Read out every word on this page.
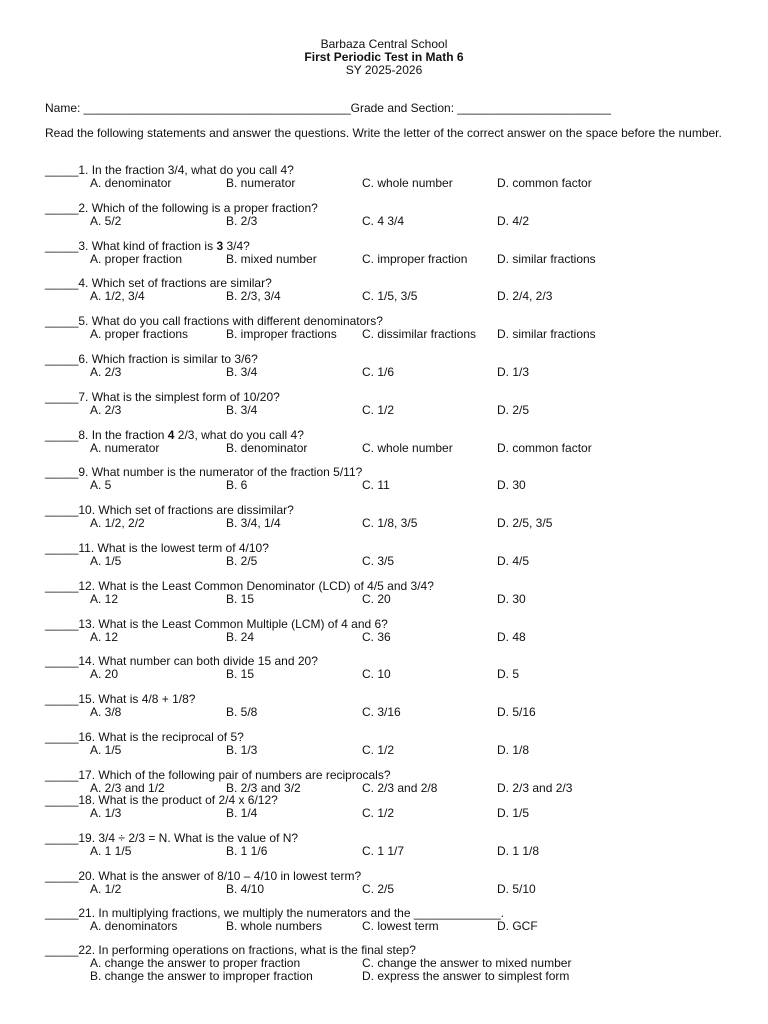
Barbaza Central School
First Periodic Test in Math 6
SY 2025-2026
Name: ________________________________________Grade and Section: _______________________
Read the following statements and answer the questions. Write the letter of the correct answer on the space before the number.
_____1. In the fraction 3/4, what do you call 4?
A. denominator	B. numerator	C. whole number	D. common factor
_____2. Which of the following is a proper fraction?
A. 5/2	B. 2/3	C. 4 3/4	D. 4/2
_____3. What kind of fraction is 3 3/4?
A. proper fraction	B. mixed number	C. improper fraction D. similar fractions
_____4. Which set of fractions are similar?
A. 1/2, 3/4	B. 2/3, 3/4	C. 1/5, 3/5	D. 2/4, 2/3
_____5. What do you call fractions with different denominators?
A. proper fractions	B. improper fractions C. dissimilar fractions D. similar fractions
_____6. Which fraction is similar to 3/6?
A. 2/3	B. 3/4	C. 1/6	D. 1/3
_____7. What is the simplest form of 10/20?
A. 2/3	B. 3/4	C. 1/2	D. 2/5
_____8. In the fraction 4 2/3, what do you call 4?
A. numerator	B. denominator	C. whole number	D. common factor
_____9. What number is the numerator of the fraction 5/11?
A. 5	B. 6	C. 11	D. 30
_____10. Which set of fractions are dissimilar?
A. 1/2, 2/2	B. 3/4, 1/4	C. 1/8, 3/5	D. 2/5, 3/5
_____11. What is the lowest term of 4/10?
A. 1/5	B. 2/5	C. 3/5	D. 4/5
_____12. What is the Least Common Denominator (LCD) of 4/5 and 3/4?
A. 12	B. 15	C. 20	D. 30
_____13. What is the Least Common Multiple (LCM) of 4 and 6?
A. 12	B. 24	C. 36	D. 48
_____14. What number can both divide 15 and 20?
A. 20	B. 15	C. 10	D. 5
_____15. What is 4/8 + 1/8?
A. 3/8	B. 5/8	C. 3/16	D. 5/16
_____16. What is the reciprocal of 5?
A. 1/5	B. 1/3	C. 1/2	D. 1/8
_____17. Which of the following pair of numbers are reciprocals?
A. 2/3 and 1/2	B. 2/3 and 3/2	C. 2/3 and 2/8	D. 2/3 and 2/3
_____18. What is the product of 2/4 x 6/12?
A. 1/3	B. 1/4	C. 1/2	D. 1/5
_____19. 3/4 ÷ 2/3 = N. What is the value of N?
A. 1 1/5	B. 1 1/6	C. 1 1/7	D. 1 1/8
_____20. What is the answer of 8/10 – 4/10 in lowest term?
A. 1/2	B. 4/10	C. 2/5	D. 5/10
_____21. In multiplying fractions, we multiply the numerators and the _____________.
A. denominators	B. whole numbers	C. lowest term	D. GCF
_____22. In performing operations on fractions, what is the final step?
A. change the answer to proper fraction	C. change the answer to mixed number
B. change the answer to improper fraction	D. express the answer to simplest form
